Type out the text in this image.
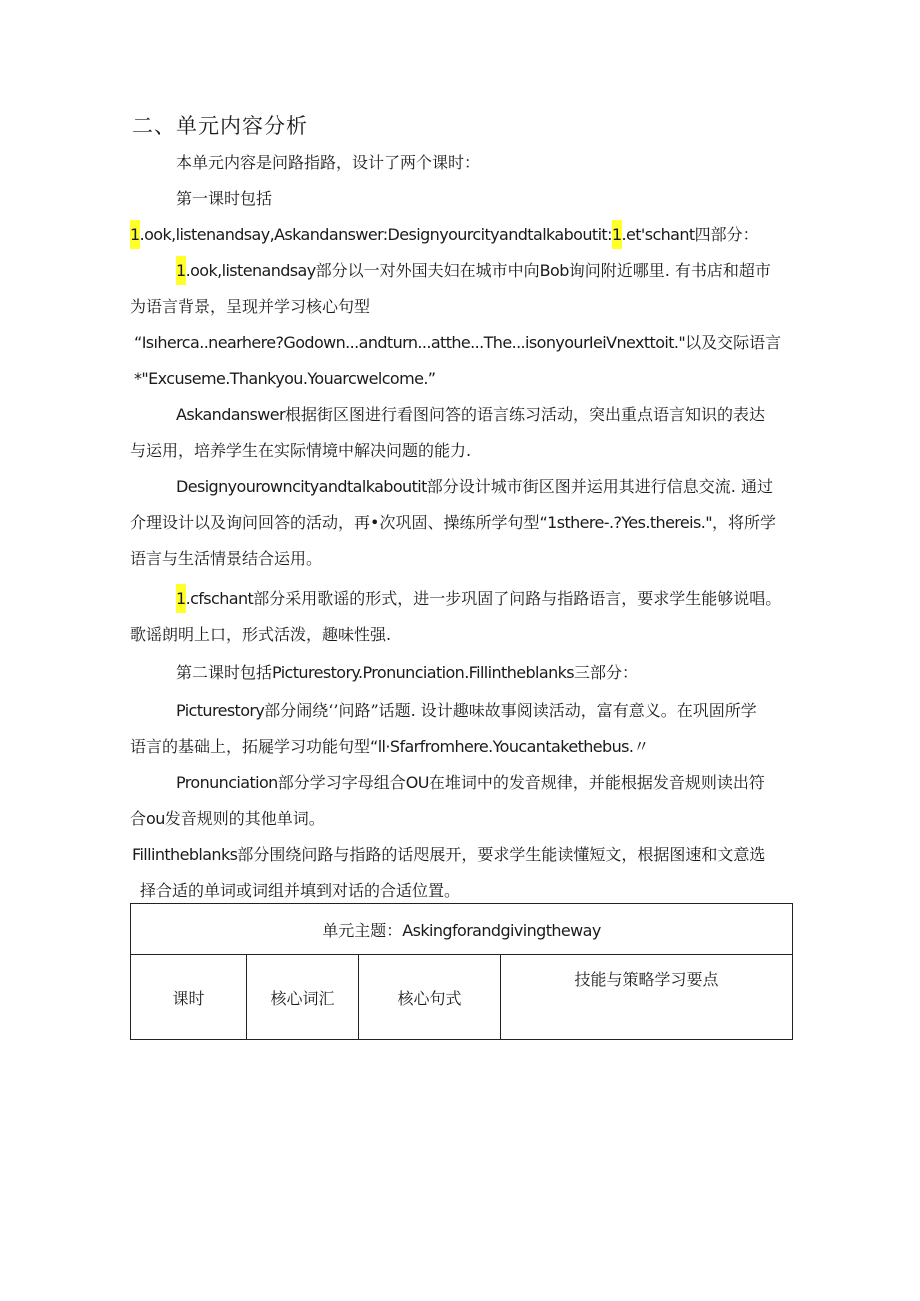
二、单元内容分析
本单元内容是问路指路，设计了两个课时：
第一课时包括
1.ook,listenandsay,Askandanswer:Designyourcityandtalkaboutit:1.et'schant四部分：
1.ook,listenandsay部分以一对外国夫妇在城市中向Bob询问附近哪里. 有书店和超市
为语言背景，呈现并学习核心句型
“Isıherca..nearhere?Godown...andturn...atthe...The...isonyourIeiVnexttoit."以及交际语言
*"Excuseme.Thankyou.Youarcwelcome.”
Askandanswer根据街区图进行看图问答的语言练习活动，突出重点语言知识的表达
与运用，培养学生在实际情境中解决问题的能力.
Designyourowncityandtalkaboutit部分设计城市街区图并运用其进行信息交流. 通过
介理设计以及询问回答的活动，再•次巩固、操练所学句型“1sthere-.?Yes.thereis."，将所学
语言与生活情景结合运用。
1.cfschant部分采用歌谣的形式，进一步巩固了问路与指路语言，要求学生能够说唱。
歌谣朗明上口，形式活泼，趣味性强.
第二课时包括Picturestory.Pronunciation.Fillintheblanks三部分：
Picturestory部分闹绕‘’问路”话题. 设计趣味故事阅读活动，富有意义。在巩固所学
语言的基础上，拓屣学习功能句型“ll·Sfarfromhere.Youcantakethebus.〃
Pronunciation部分学习字母组合OU在堆词中的发音规律，并能根据发音规则读出符
合ou发音规则的其他单词。
Fillintheblanks部分围绕问路与指路的话咫展开，要求学生能读懂短文，根据图速和文意选
择合适的单词或词组并填到对话的合适位置。
单元主题：Askingforandgivingtheway
课时	核心词汇	核心句式	技能与策略学习要点
